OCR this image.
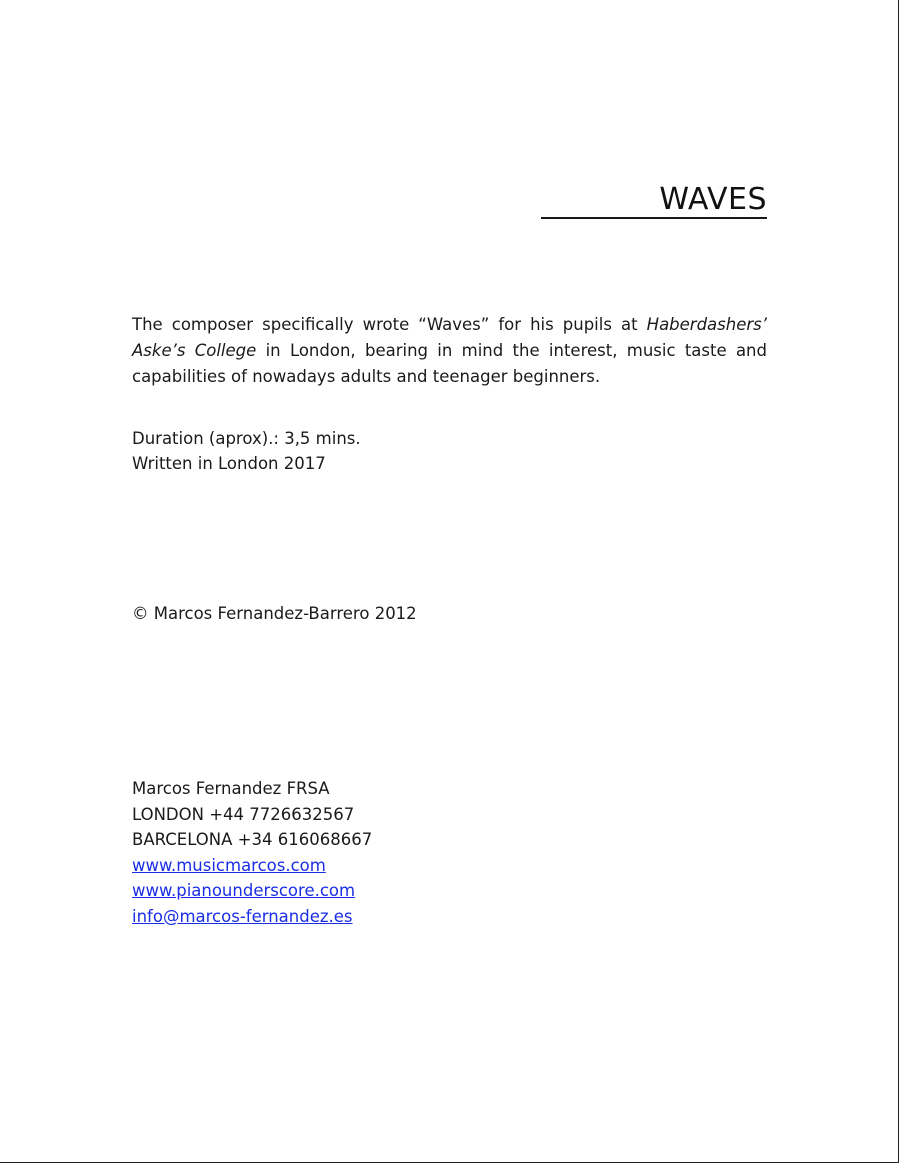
WAVES
The composer specifically wrote “Waves” for his pupils at Haberdashers’ Aske’s College in London, bearing in mind the interest, music taste and capabilities of nowadays adults and teenager beginners.
Duration (aprox).: 3,5 mins.
Written in London 2017
© Marcos Fernandez-Barrero 2012
Marcos Fernandez FRSA
LONDON +44 7726632567
BARCELONA +34 616068667
www.musicmarcos.com
www.pianounderscore.com
info@marcos-fernandez.es
